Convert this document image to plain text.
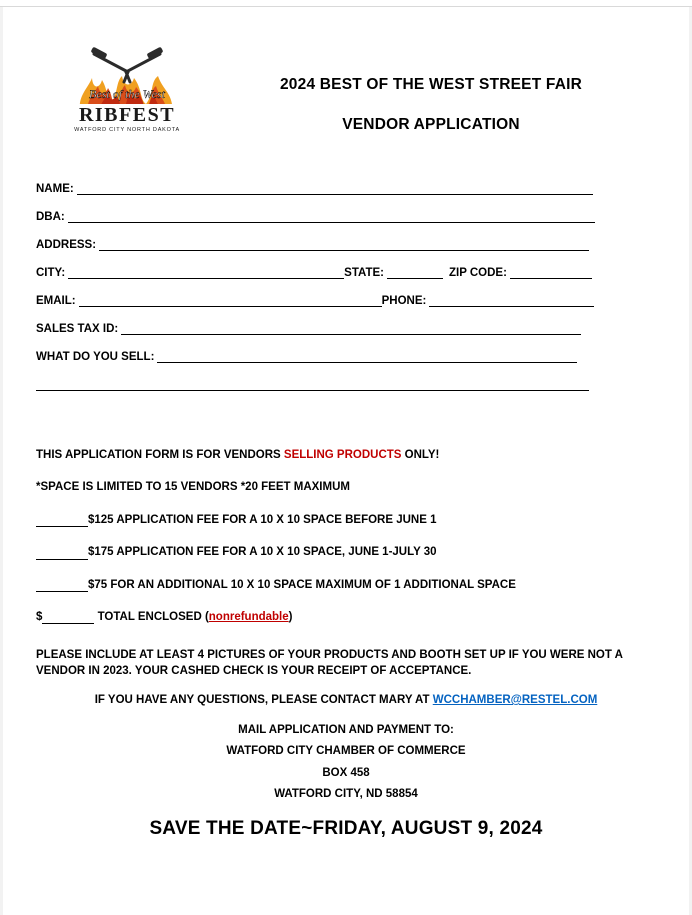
Best of the West
RIBFEST
WATFORD CITY NORTH DAKOTA
2024 BEST OF THE WEST STREET FAIR
VENDOR APPLICATION
NAME:
DBA:
ADDRESS:
CITY:	STATE:	ZIP CODE:
EMAIL:	PHONE:
SALES TAX ID:
WHAT DO YOU SELL:
THIS APPLICATION FORM IS FOR VENDORS SELLING PRODUCTS ONLY!
*SPACE IS LIMITED TO 15 VENDORS *20 FEET MAXIMUM
$125 APPLICATION FEE FOR A 10 X 10 SPACE BEFORE JUNE 1
$175 APPLICATION FEE FOR A 10 X 10 SPACE, JUNE 1-JULY 30
$75 FOR AN ADDITIONAL 10 X 10 SPACE MAXIMUM OF 1 ADDITIONAL SPACE
$	TOTAL ENCLOSED (nonrefundable)
PLEASE INCLUDE AT LEAST 4 PICTURES OF YOUR PRODUCTS AND BOOTH SET UP IF YOU WERE NOT A VENDOR IN 2023. YOUR CASHED CHECK IS YOUR RECEIPT OF ACCEPTANCE.
IF YOU HAVE ANY QUESTIONS, PLEASE CONTACT MARY AT WCCHAMBER@RESTEL.COM
MAIL APPLICATION AND PAYMENT TO:
WATFORD CITY CHAMBER OF COMMERCE
BOX 458
WATFORD CITY, ND 58854
SAVE THE DATE~FRIDAY, AUGUST 9, 2024
